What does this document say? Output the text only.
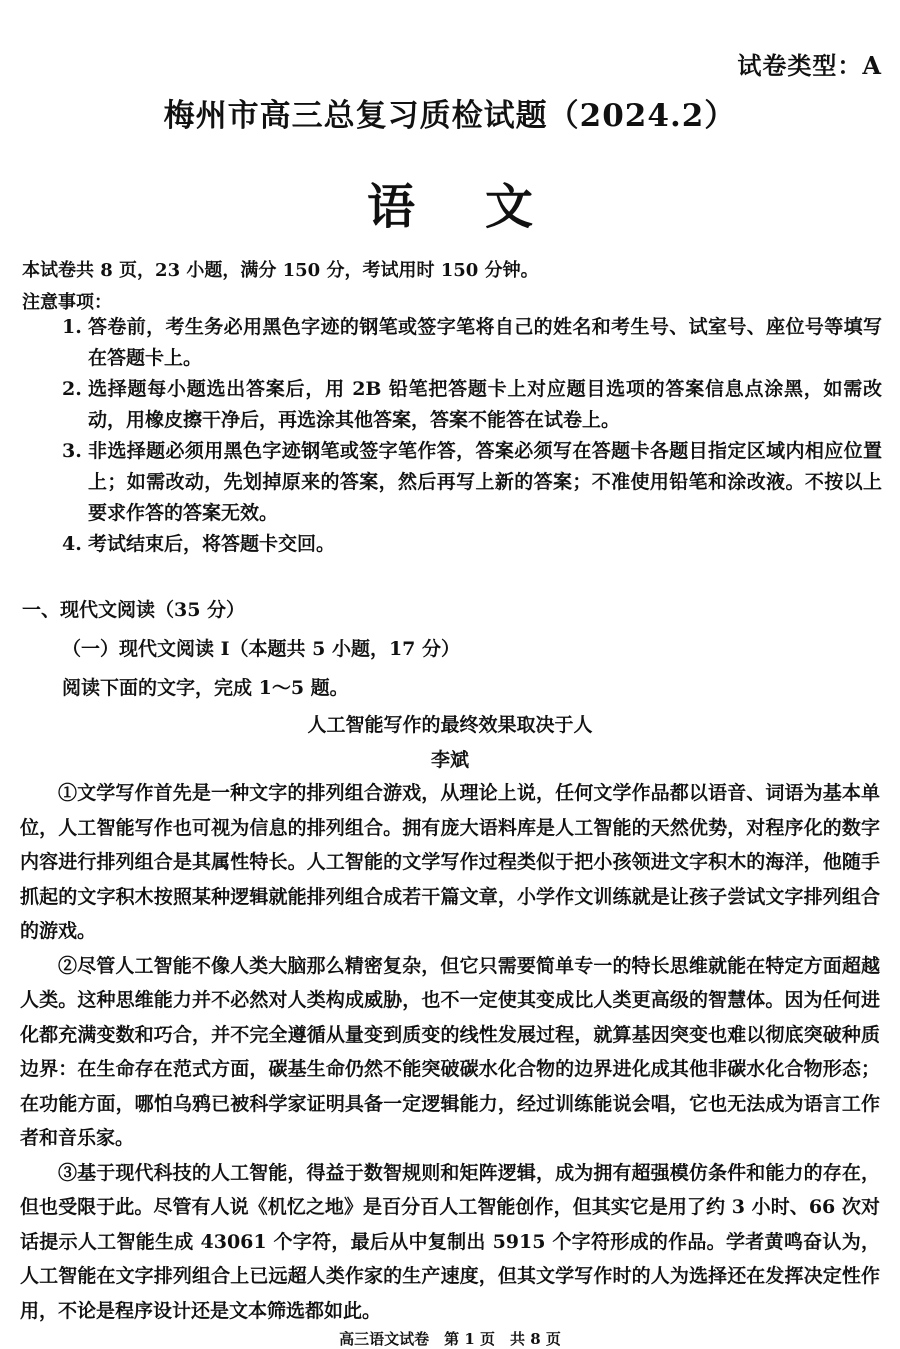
试卷类型：A
梅州市高三总复习质检试题（2024.2）
语文
本试卷共 8 页，23 小题，满分 150 分，考试用时 150 分钟。
注意事项：
1. 答卷前，考生务必用黑色字迹的钢笔或签字笔将自己的姓名和考生号、试室号、座位号等填写在答题卡上。
2. 选择题每小题选出答案后，用 2B 铅笔把答题卡上对应题目选项的答案信息点涂黑，如需改动，用橡皮擦干净后，再选涂其他答案，答案不能答在试卷上。
3. 非选择题必须用黑色字迹钢笔或签字笔作答，答案必须写在答题卡各题目指定区域内相应位置上；如需改动，先划掉原来的答案，然后再写上新的答案；不准使用铅笔和涂改液。不按以上要求作答的答案无效。
4. 考试结束后，将答题卡交回。
一、现代文阅读（35 分）
（一）现代文阅读 I（本题共 5 小题，17 分）
阅读下面的文字，完成 1～5 题。
人工智能写作的最终效果取决于人
李斌

①文学写作首先是一种文字的排列组合游戏，从理论上说，任何文学作品都以语音、词语为基本单位，人工智能写作也可视为信息的排列组合。拥有庞大语料库是人工智能的天然优势，对程序化的数字内容进行排列组合是其属性特长。人工智能的文学写作过程类似于把小孩领进文字积木的海洋，他随手抓起的文字积木按照某种逻辑就能排列组合成若干篇文章，小学作文训练就是让孩子尝试文字排列组合的游戏。

②尽管人工智能不像人类大脑那么精密复杂，但它只需要简单专一的特长思维就能在特定方面超越人类。这种思维能力并不必然对人类构成威胁，也不一定使其变成比人类更高级的智慧体。因为任何进化都充满变数和巧合，并不完全遵循从量变到质变的线性发展过程，就算基因突变也难以彻底突破种质边界：在生命存在范式方面，碳基生命仍然不能突破碳水化合物的边界进化成其他非碳水化合物形态；在功能方面，哪怕乌鸦已被科学家证明具备一定逻辑能力，经过训练能说会唱，它也无法成为语言工作者和音乐家。

③基于现代科技的人工智能，得益于数智规则和矩阵逻辑，成为拥有超强模仿条件和能力的存在，但也受限于此。尽管有人说《机忆之地》是百分百人工智能创作，但其实它是用了约 3 小时、66 次对话提示人工智能生成 43061 个字符，最后从中复制出 5915 个字符形成的作品。学者黄鸣奋认为，人工智能在文字排列组合上已远超人类作家的生产速度，但其文学写作时的人为选择还在发挥决定性作用，不论是程序设计还是文本筛选都如此。

高三语文试卷　第 1 页　共 8 页
